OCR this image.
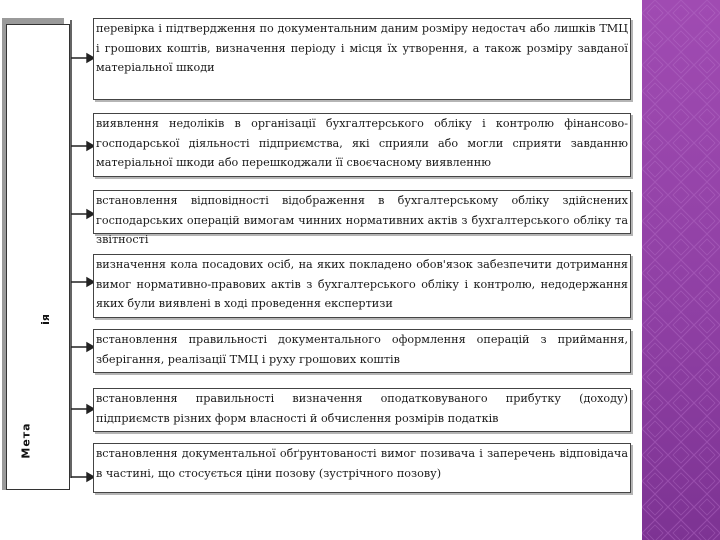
ія
Мета
перевірка і підтвердження по документальним даним розміру недостач або лишків ТМЦ і грошових коштів, визначення періоду і місця їх утворення, а також розміру завданої матеріальної шкоди
виявлення недоліків в організації бухгалтерського обліку і контролю фінансово-господарської діяльності підприємства, які сприяли або могли сприяти завданню матеріальної шкоди або перешкоджали її своєчасному виявленню
встановлення відповідності відображення в бухгалтерському обліку здійснених господарських операцій вимогам чинних нормативних актів з бухгалтерського обліку та звітності
визначення кола посадових осіб, на яких покладено обов'язок забезпечити дотримання вимог нормативно-правових актів з бухгалтерського обліку і контролю, недодержання яких були виявлені в ході проведення експертизи
встановлення правильності документального оформлення операцій з приймання, зберігання, реалізації ТМЦ і руху грошових коштів
встановлення правильності визначення оподатковуваного прибутку (доходу) підприємств різних форм власності й обчислення розмірів податків
встановлення документальної обґрунтованості вимог позивача і заперечень відповідача в частині, що стосується ціни позову (зустрічного позову)
